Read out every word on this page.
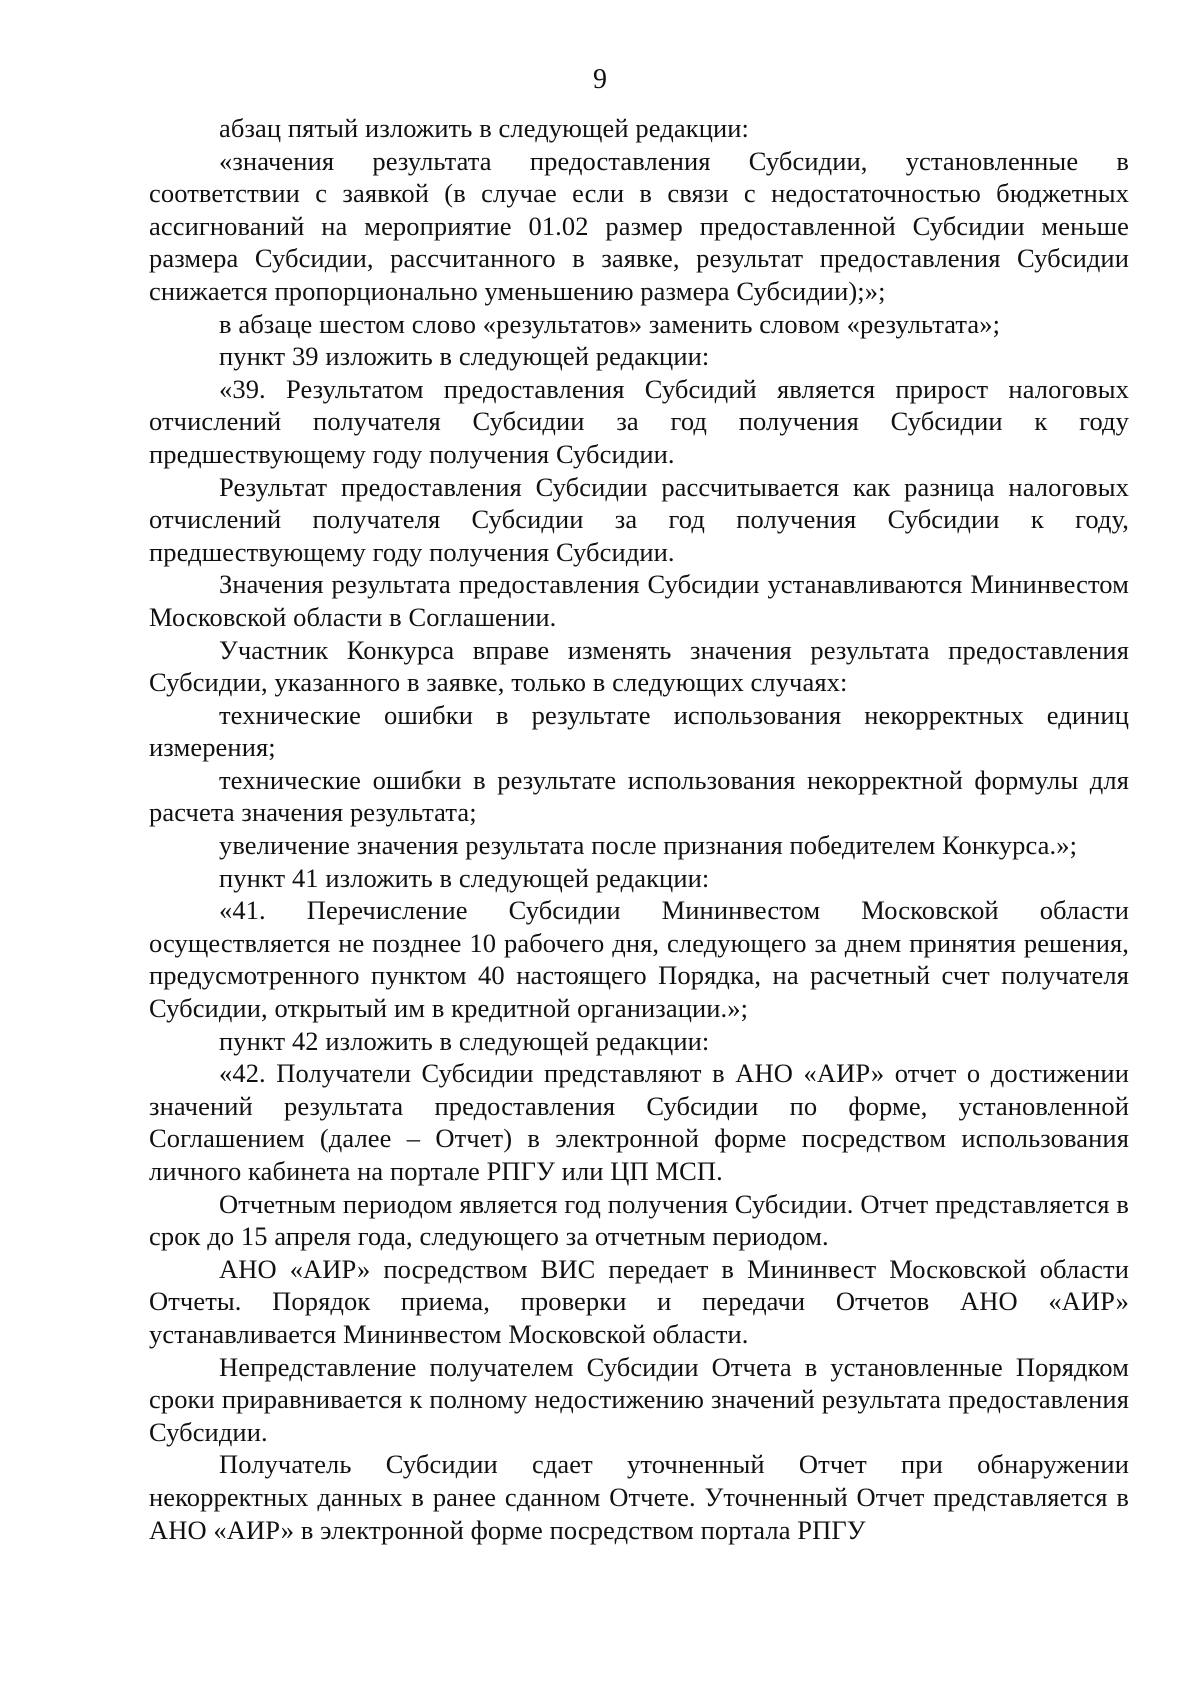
9

абзац пятый изложить в следующей редакции:

«значения результата предоставления Субсидии, установленные в соответствии с заявкой (в случае если в связи с недостаточностью бюджетных ассигнований на мероприятие 01.02 размер предоставленной Субсидии меньше размера Субсидии, рассчитанного в заявке, результат предоставления Субсидии снижается пропорционально уменьшению размера Субсидии);»;

в абзаце шестом слово «результатов» заменить словом «результата»;

пункт 39 изложить в следующей редакции:

«39. Результатом предоставления Субсидий является прирост налоговых отчислений получателя Субсидии за год получения Субсидии к году предшествующему году получения Субсидии.

Результат предоставления Субсидии рассчитывается как разница налоговых отчислений получателя Субсидии за год получения Субсидии к году, предшествующему году получения Субсидии.

Значения результата предоставления Субсидии устанавливаются Мининвестом Московской области в Соглашении.

Участник Конкурса вправе изменять значения результата предоставления Субсидии, указанного в заявке, только в следующих случаях:

технические ошибки в результате использования некорректных единиц измерения;

технические ошибки в результате использования некорректной формулы для расчета значения результата;

увеличение значения результата после признания победителем Конкурса.»;

пункт 41 изложить в следующей редакции:

«41. Перечисление Субсидии Мининвестом Московской области осуществляется не позднее 10 рабочего дня, следующего за днем принятия решения, предусмотренного пунктом 40 настоящего Порядка, на расчетный счет получателя Субсидии, открытый им в кредитной организации.»;

пункт 42 изложить в следующей редакции:

«42. Получатели Субсидии представляют в АНО «АИР» отчет о достижении значений результата предоставления Субсидии по форме, установленной Соглашением (далее – Отчет) в электронной форме посредством использования личного кабинета на портале РПГУ или ЦП МСП.

Отчетным периодом является год получения Субсидии. Отчет представляется в срок до 15 апреля года, следующего за отчетным периодом.

АНО «АИР» посредством ВИС передает в Мининвест Московской области Отчеты. Порядок приема, проверки и передачи Отчетов АНО «АИР» устанавливается Мининвестом Московской области.

Непредставление получателем Субсидии Отчета в установленные Порядком сроки приравнивается к полному недостижению значений результата предоставления Субсидии.

Получатель Субсидии сдает уточненный Отчет при обнаружении некорректных данных в ранее сданном Отчете. Уточненный Отчет представляется в АНО «АИР» в электронной форме посредством портала РПГУ
